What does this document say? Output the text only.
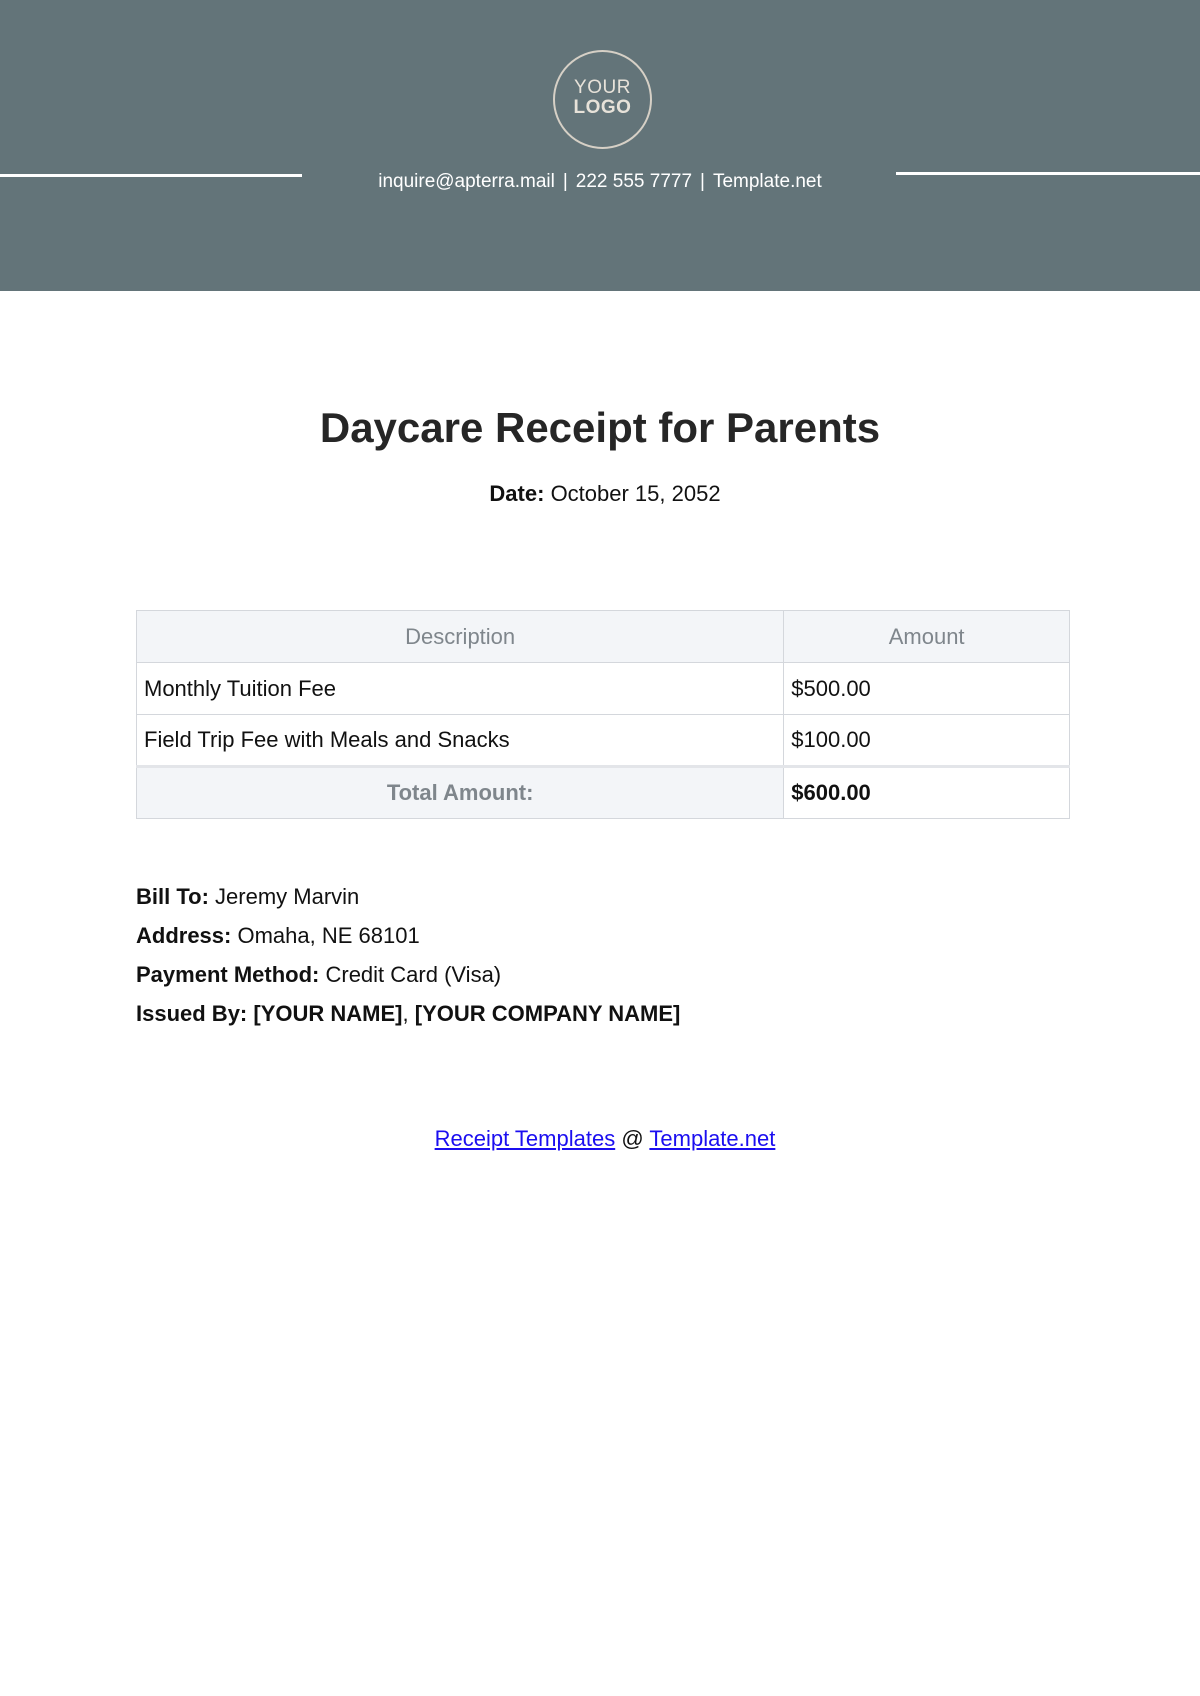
YOUR
LOGO
inquire@apterra.mail | 222 555 7777 | Template.net
Daycare Receipt for Parents
Date: October 15, 2052
Description	Amount
Monthly Tuition Fee	$500.00
Field Trip Fee with Meals and Snacks	$100.00
Total Amount:	$600.00
Bill To: Jeremy Marvin
Address: Omaha, NE 68101
Payment Method: Credit Card (Visa)
Issued By: [YOUR NAME], [YOUR COMPANY NAME]
Receipt Templates @ Template.net
